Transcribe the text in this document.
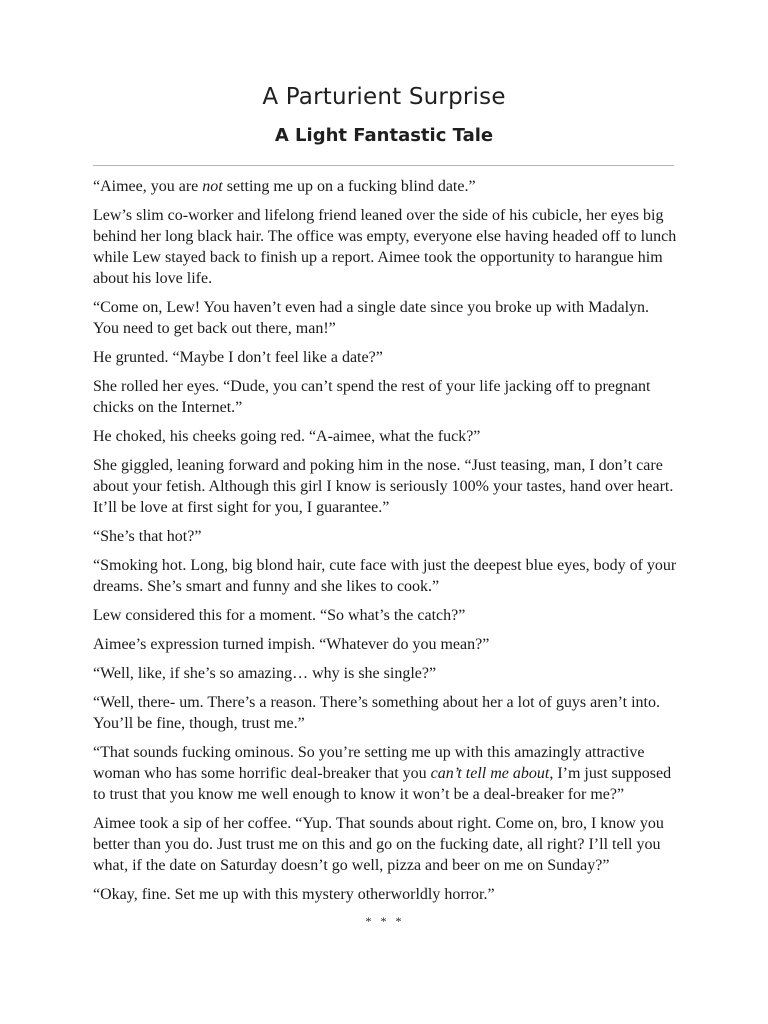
A Parturient Surprise
A Light Fantastic Tale

“Aimee, you are not setting me up on a fucking blind date.”

Lew’s slim co-worker and lifelong friend leaned over the side of his cubicle, her eyes big behind her long black hair. The office was empty, everyone else having headed off to lunch while Lew stayed back to finish up a report. Aimee took the opportunity to harangue him about his love life.

“Come on, Lew! You haven’t even had a single date since you broke up with Madalyn. You need to get back out there, man!”

He grunted. “Maybe I don’t feel like a date?”

She rolled her eyes. “Dude, you can’t spend the rest of your life jacking off to pregnant chicks on the Internet.”

He choked, his cheeks going red. “A-aimee, what the fuck?”

She giggled, leaning forward and poking him in the nose. “Just teasing, man, I don’t care about your fetish. Although this girl I know is seriously 100% your tastes, hand over heart. It’ll be love at first sight for you, I guarantee.”

“She’s that hot?”

“Smoking hot. Long, big blond hair, cute face with just the deepest blue eyes, body of your dreams. She’s smart and funny and she likes to cook.”

Lew considered this for a moment. “So what’s the catch?”

Aimee’s expression turned impish. “Whatever do you mean?”

“Well, like, if she’s so amazing… why is she single?”

“Well, there- um. There’s a reason. There’s something about her a lot of guys aren’t into. You’ll be fine, though, trust me.”

“That sounds fucking ominous. So you’re setting me up with this amazingly attractive woman who has some horrific deal-breaker that you can’t tell me about, I’m just supposed to trust that you know me well enough to know it won’t be a deal-breaker for me?”

Aimee took a sip of her coffee. “Yup. That sounds about right. Come on, bro, I know you better than you do. Just trust me on this and go on the fucking date, all right? I’ll tell you what, if the date on Saturday doesn’t go well, pizza and beer on me on Sunday?”

“Okay, fine. Set me up with this mystery otherworldly horror.”

* * *
